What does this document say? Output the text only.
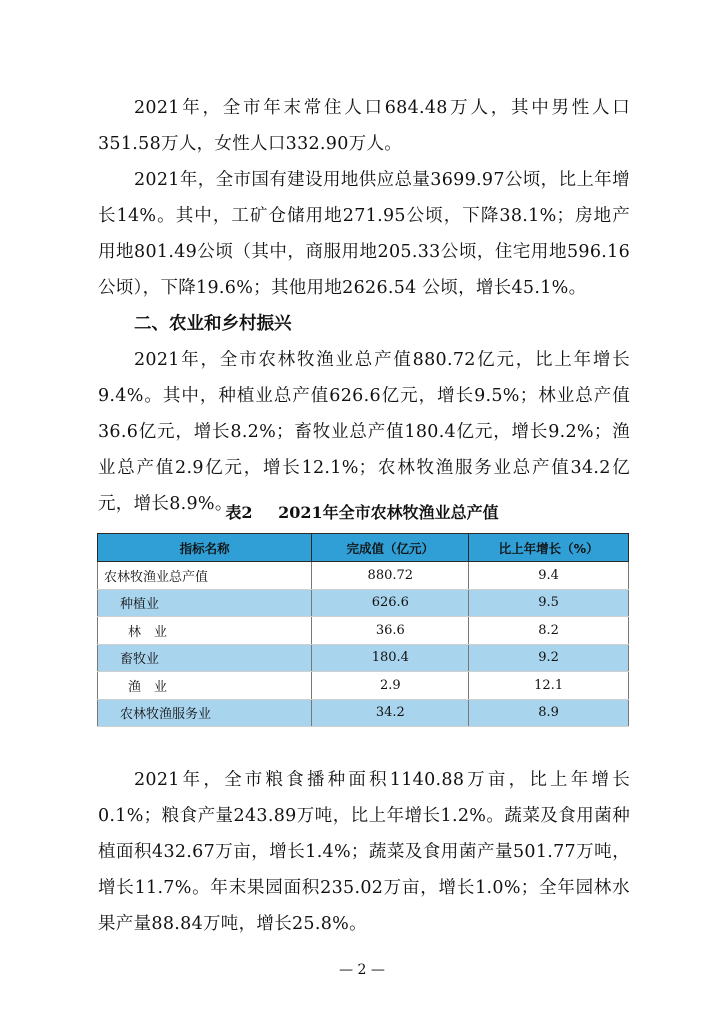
2021年，全市年末常住人口684.48万人，其中男性人口351.58万人，女性人口332.90万人。

2021年，全市国有建设用地供应总量3699.97公顷，比上年增长14%。其中，工矿仓储用地271.95公顷，下降38.1%；房地产用地801.49公顷（其中，商服用地205.33公顷，住宅用地596.16公顷），下降19.6%；其他用地2626.54 公顷，增长45.1%。

二、农业和乡村振兴

2021年，全市农林牧渔业总产值880.72亿元，比上年增长9.4%。其中，种植业总产值626.6亿元，增长9.5%；林业总产值36.6亿元，增长8.2%；畜牧业总产值180.4亿元，增长9.2%；渔业总产值2.9亿元，增长12.1%；农林牧渔服务业总产值34.2亿元，增长8.9%。

表2 2021年全市农林牧渔业总产值
指标名称	完成值（亿元）	比上年增长（%）
农林牧渔业总产值	880.72	9.4
种植业	626.6	9.5
林　业	36.6	8.2
畜牧业	180.4	9.2
渔　业	2.9	12.1
农林牧渔服务业	34.2	8.9

2021年，全市粮食播种面积1140.88万亩，比上年增长0.1%；粮食产量243.89万吨，比上年增长1.2%。蔬菜及食用菌种植面积432.67万亩，增长1.4%；蔬菜及食用菌产量501.77万吨，增长11.7%。年末果园面积235.02万亩，增长1.0%；全年园林水果产量88.84万吨，增长25.8%。

— 2 —
